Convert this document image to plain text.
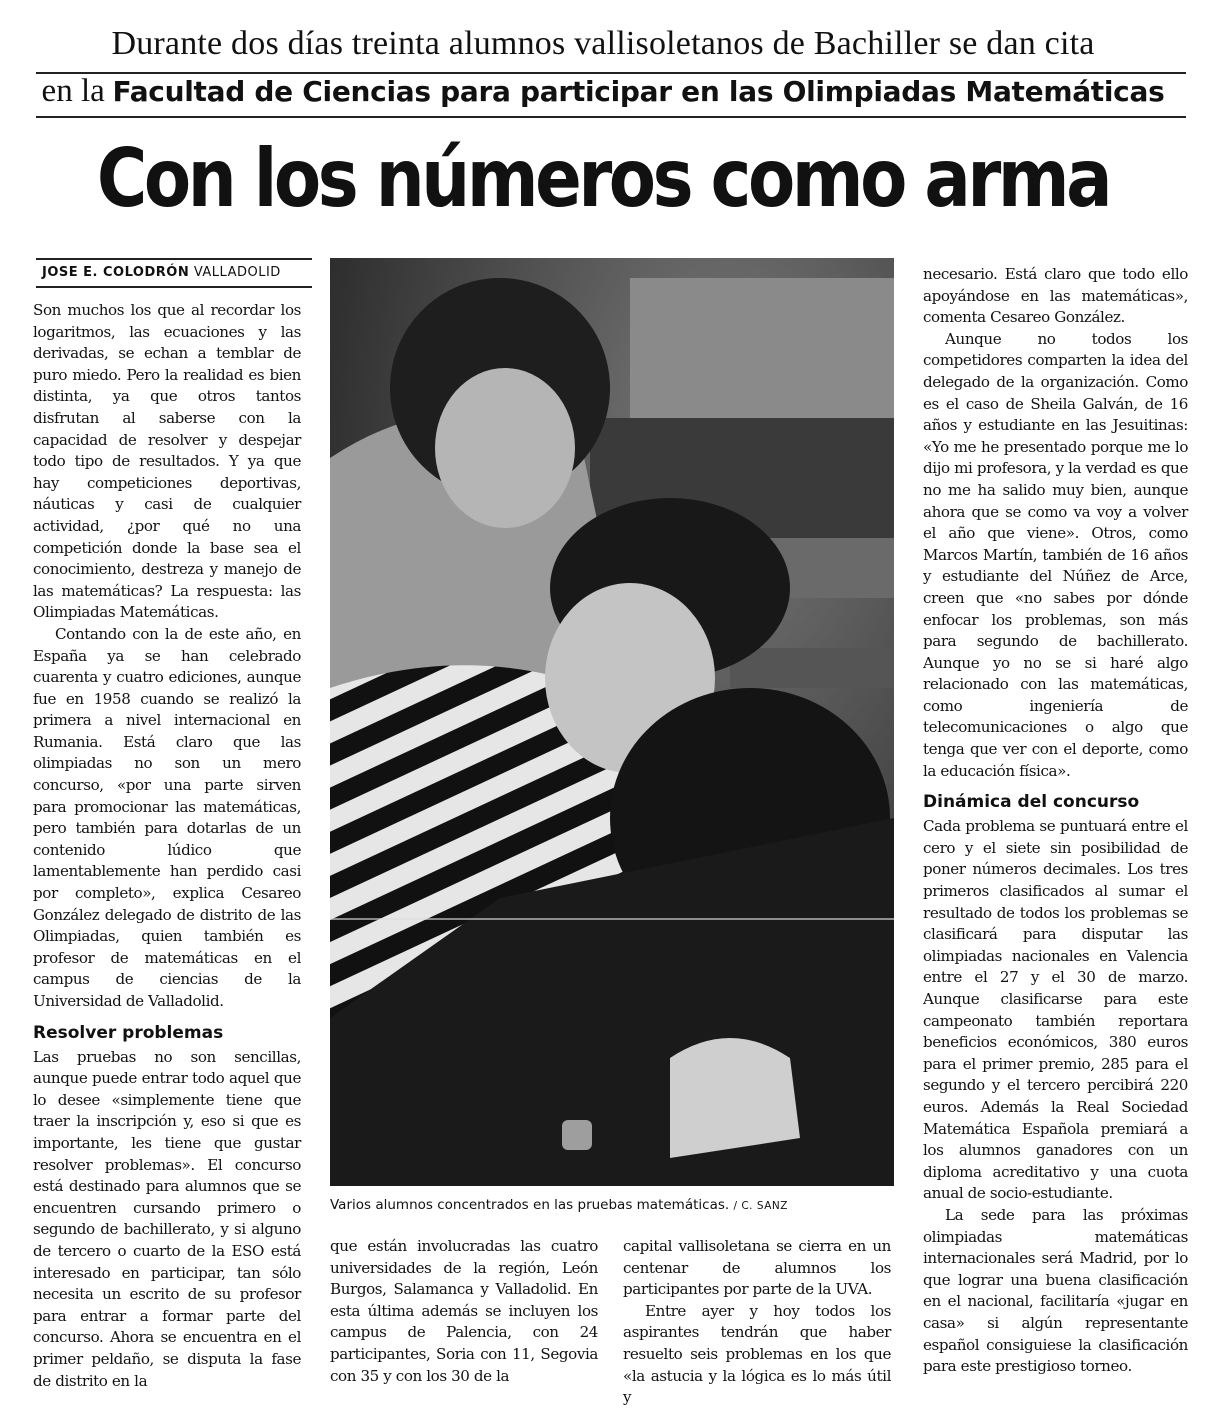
Durante dos días treinta alumnos vallisoletanos de Bachiller se dan cita
en la Facultad de Ciencias para participar en las Olimpiadas Matemáticas
Con los números como arma
JOSE E. COLODRÓN VALLADOLID

Son muchos los que al recordar los logaritmos, las ecuaciones y las derivadas, se echan a temblar de puro miedo. Pero la realidad es bien distinta, ya que otros tantos disfrutan al saberse con la capacidad de resolver y despejar todo tipo de resultados. Y ya que hay competiciones deportivas, náuticas y casi de cualquier actividad, ¿por qué no una competición donde la base sea el conocimiento, destreza y manejo de las matemáticas? La respuesta: las Olimpiadas Matemáticas.

Contando con la de este año, en España ya se han celebrado cuarenta y cuatro ediciones, aunque fue en 1958 cuando se realizó la primera a nivel internacional en Rumania. Está claro que las olimpiadas no son un mero concurso, «por una parte sirven para promocionar las matemáticas, pero también para dotarlas de un contenido lúdico que lamentablemente han perdido casi por completo», explica Cesareo González delegado de distrito de las Olimpiadas, quien también es profesor de matemáticas en el campus de ciencias de la Universidad de Valladolid.

Resolver problemas

Las pruebas no son sencillas, aunque puede entrar todo aquel que lo desee «simplemente tiene que traer la inscripción y, eso si que es importante, les tiene que gustar resolver problemas». El concurso está destinado para alumnos que se encuentren cursando primero o segundo de bachillerato, y si alguno de tercero o cuarto de la ESO está interesado en participar, tan sólo necesita un escrito de su profesor para entrar a formar parte del concurso. Ahora se encuentra en el primer peldaño, se disputa la fase de distrito en la

Varios alumnos concentrados en las pruebas matemáticas. / C. SANZ

que están involucradas las cuatro universidades de la región, León Burgos, Salamanca y Valladolid. En esta última además se incluyen los campus de Palencia, con 24 participantes, Soria con 11, Segovia con 35 y con los 30 de la

capital vallisoletana se cierra en un centenar de alumnos los participantes por parte de la UVA.

Entre ayer y hoy todos los aspirantes tendrán que haber resuelto seis problemas en los que «la astucia y la lógica es lo más útil y

necesario. Está claro que todo ello apoyándose en las matemáticas», comenta Cesareo González.

Aunque no todos los competidores comparten la idea del delegado de la organización. Como es el caso de Sheila Galván, de 16 años y estudiante en las Jesuitinas: «Yo me he presentado porque me lo dijo mi profesora, y la verdad es que no me ha salido muy bien, aunque ahora que se como va voy a volver el año que viene». Otros, como Marcos Martín, también de 16 años y estudiante del Núñez de Arce, creen que «no sabes por dónde enfocar los problemas, son más para segundo de bachillerato. Aunque yo no se si haré algo relacionado con las matemáticas, como ingeniería de telecomunicaciones o algo que tenga que ver con el deporte, como la educación física».

Dinámica del concurso

Cada problema se puntuará entre el cero y el siete sin posibilidad de poner números decimales. Los tres primeros clasificados al sumar el resultado de todos los problemas se clasificará para disputar las olimpiadas nacionales en Valencia entre el 27 y el 30 de marzo. Aunque clasificarse para este campeonato también reportara beneficios económicos, 380 euros para el primer premio, 285 para el segundo y el tercero percibirá 220 euros. Además la Real Sociedad Matemática Española premiará a los alumnos ganadores con un diploma acreditativo y una cuota anual de socio-estudiante.

La sede para las próximas olimpiadas matemáticas internacionales será Madrid, por lo que lograr una buena clasificación en el nacional, facilitaría «jugar en casa» si algún representante español consiguiese la clasificación para este prestigioso torneo.
